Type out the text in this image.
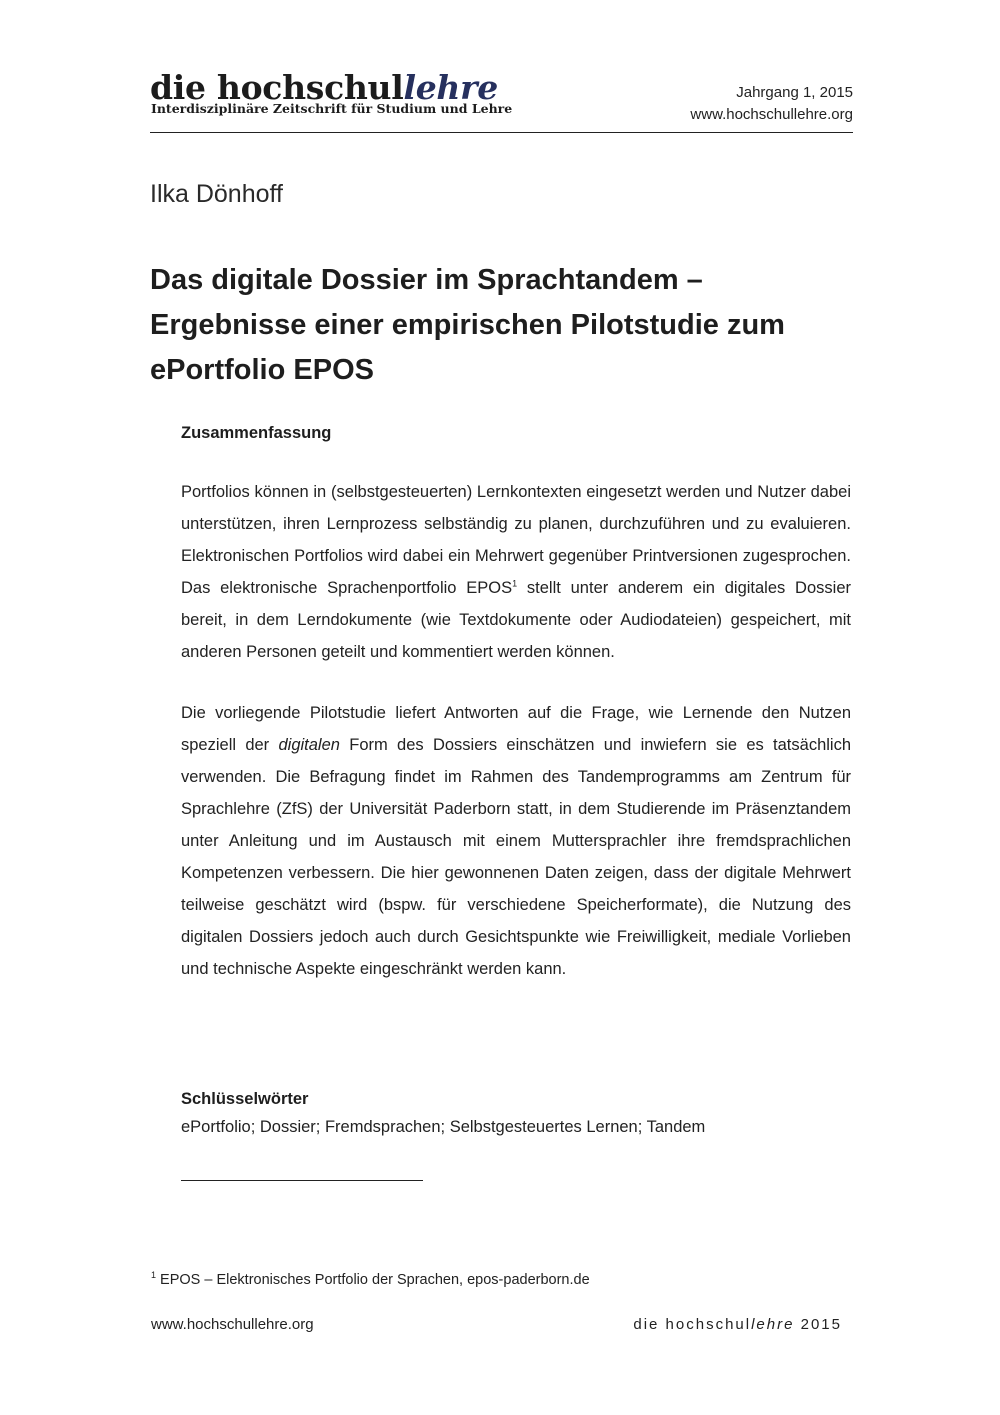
die hochschullehre
Interdisziplinäre Zeitschrift für Studium und Lehre
Jahrgang 1, 2015
www.hochschullehre.org
Ilka Dönhoff
Das digitale Dossier im Sprachtandem –
Ergebnisse einer empirischen Pilotstudie zum
ePortfolio EPOS
Zusammenfassung

Portfolios können in (selbstgesteuerten) Lernkontexten eingesetzt werden und Nutzer dabei unterstützen, ihren Lernprozess selbständig zu planen, durchzuführen und zu evaluieren. Elektronischen Portfolios wird dabei ein Mehrwert gegenüber Printversionen zugesprochen. Das elektronische Sprachenportfolio EPOS$^1$ stellt unter anderem ein digitales Dossier bereit, in dem Lerndokumente (wie Textdokumente oder Audiodateien) gespeichert, mit anderen Personen geteilt und kommentiert werden können.

Die vorliegende Pilotstudie liefert Antworten auf die Frage, wie Lernende den Nutzen speziell der digitalen Form des Dossiers einschätzen und inwiefern sie es tatsächlich verwenden. Die Befragung findet im Rahmen des Tandemprogramms am Zentrum für Sprachlehre (ZfS) der Universität Paderborn statt, in dem Studierende im Präsenztandem unter Anleitung und im Austausch mit einem Muttersprachler ihre fremdsprachlichen Kompetenzen verbessern. Die hier gewonnenen Daten zeigen, dass der digitale Mehrwert teilweise geschätzt wird (bspw. für verschiedene Speicherformate), die Nutzung des digitalen Dossiers jedoch auch durch Gesichtspunkte wie Freiwilligkeit, mediale Vorlieben und technische Aspekte eingeschränkt werden kann.

Schlüsselwörter
ePortfolio; Dossier; Fremdsprachen; Selbstgesteuertes Lernen; Tandem
$^1$ EPOS – Elektronisches Portfolio der Sprachen, epos-paderborn.de
www.hochschullehre.org	die hochschullehre 2015
